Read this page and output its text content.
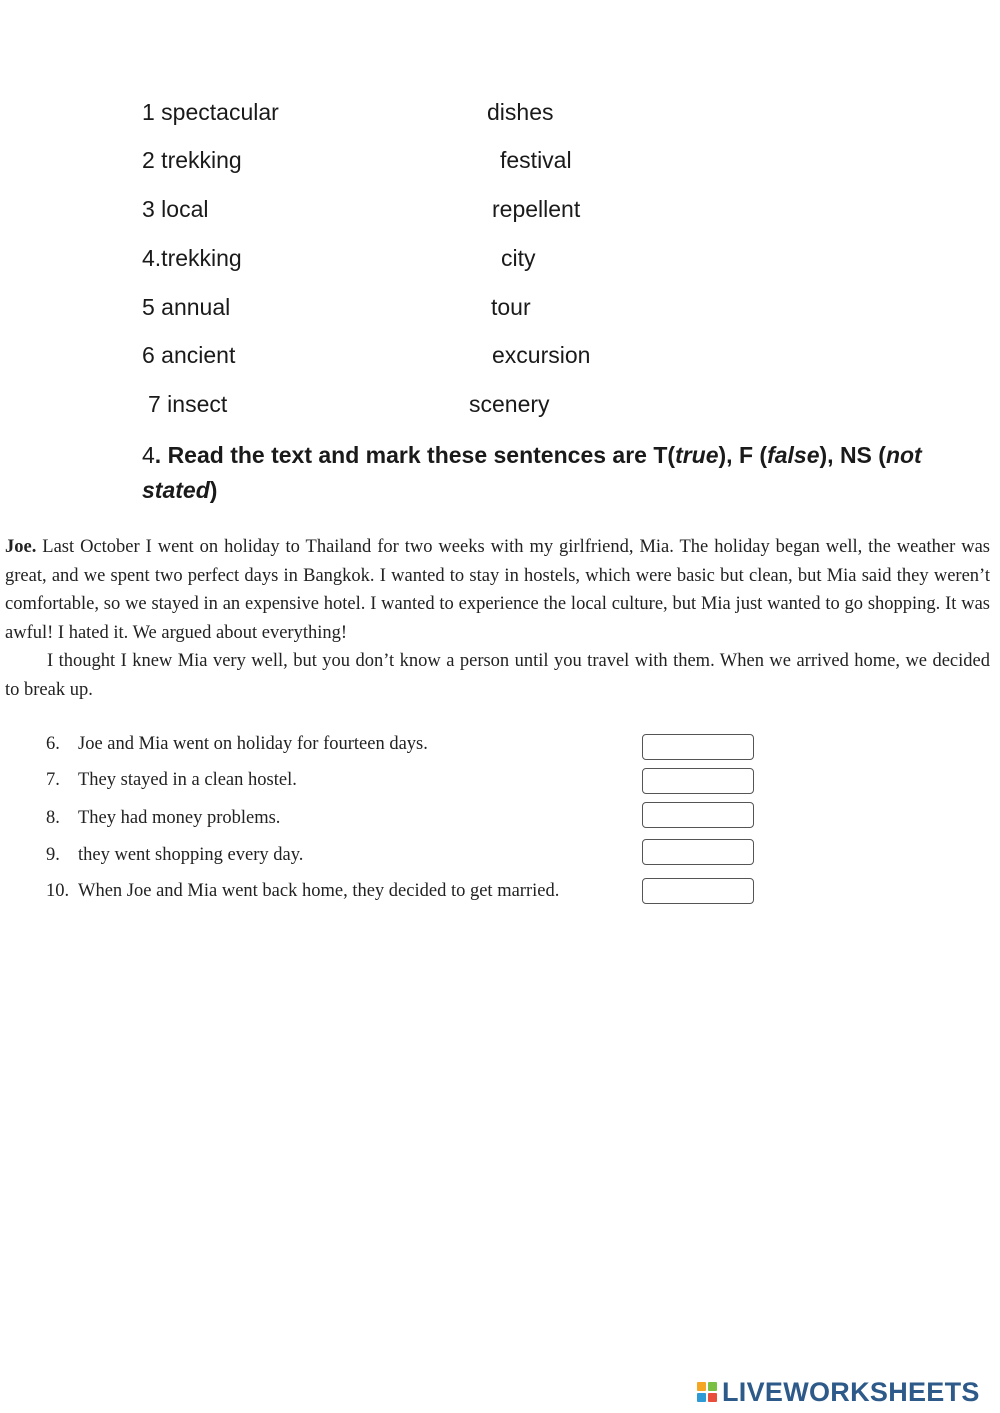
1 spectacular	dishes
2 trekking	festival
3 local	repellent
4.trekking	city
5 annual	tour
6 ancient	excursion
7 insect	scenery
4. Read the text and mark these sentences are T(true), F (false), NS (not stated)

Joe. Last October I went on holiday to Thailand for two weeks with my girlfriend, Mia. The holiday began well, the weather was great, and we spent two perfect days in Bangkok. I wanted to stay in hostels, which were basic but clean, but Mia said they weren’t comfortable, so we stayed in an expensive hotel. I wanted to experience the local culture, but Mia just wanted to go shopping. It was awful! I hated it. We argued about everything!

I thought I knew Mia very well, but you don’t know a person until you travel with them. When we arrived home, we decided to break up.

6. Joe and Mia went on holiday for fourteen days.
7. They stayed in a clean hostel.
8. They had money problems.
9. they went shopping every day.
10. When Joe and Mia went back home, they decided to get married.
LIVEWORKSHEETS
